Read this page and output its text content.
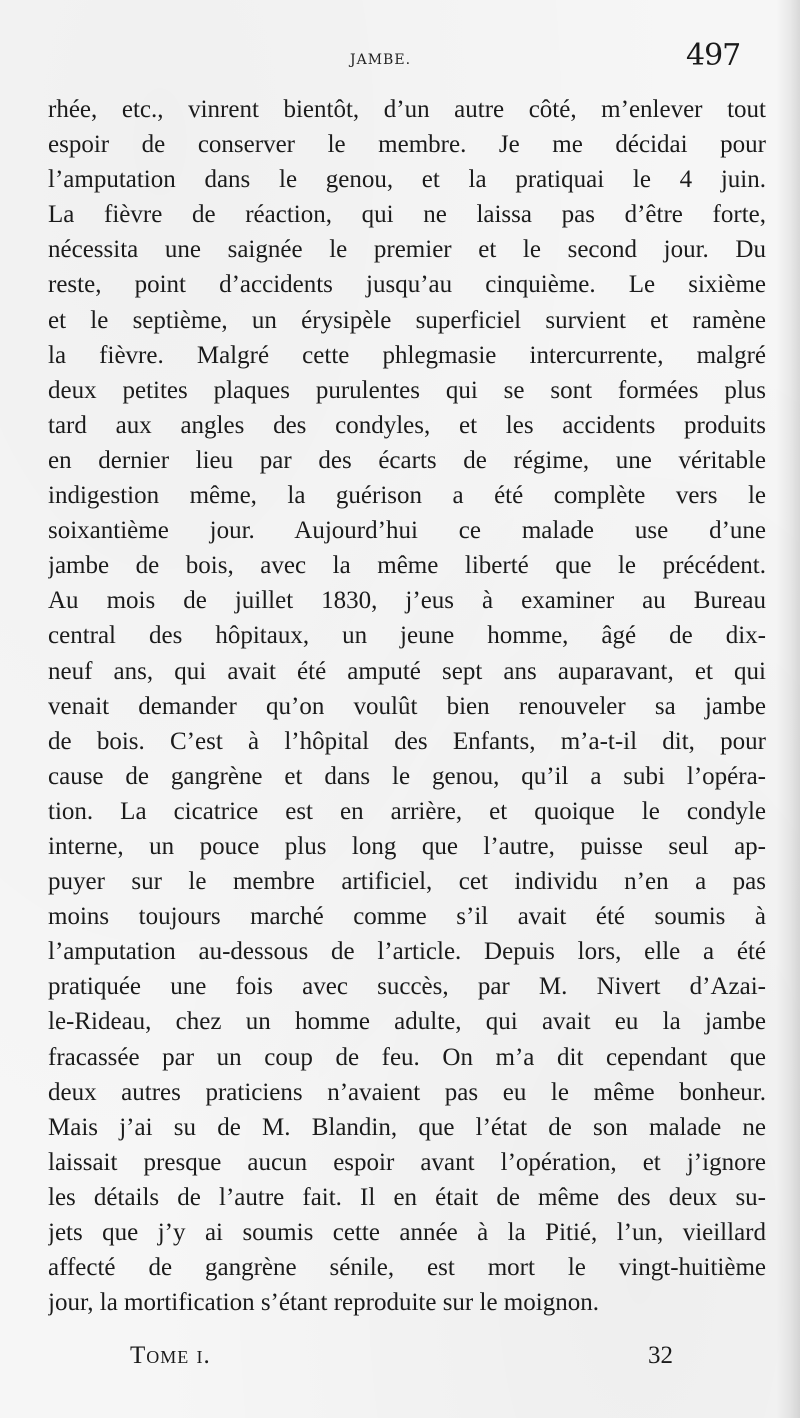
JAMBE.	497
rhée, etc., vinrent bientôt, d’un autre côté, m’enlever tout
espoir de conserver le membre. Je me décidai pour
l’amputation dans le genou, et la pratiquai le 4 juin.
La fièvre de réaction, qui ne laissa pas d’être forte,
nécessita une saignée le premier et le second jour. Du
reste, point d’accidents jusqu’au cinquième. Le sixième
et le septième, un érysipèle superficiel survient et ramène
la fièvre. Malgré cette phlegmasie intercurrente, malgré
deux petites plaques purulentes qui se sont formées plus
tard aux angles des condyles, et les accidents produits
en dernier lieu par des écarts de régime, une véritable
indigestion même, la guérison a été complète vers le
soixantième jour. Aujourd’hui ce malade use d’une
jambe de bois, avec la même liberté que le précédent.
Au mois de juillet 1830, j’eus à examiner au Bureau
central des hôpitaux, un jeune homme, âgé de dix-
neuf ans, qui avait été amputé sept ans auparavant, et qui
venait demander qu’on voulût bien renouveler sa jambe
de bois. C’est à l’hôpital des Enfants, m’a-t-il dit, pour
cause de gangrène et dans le genou, qu’il a subi l’opéra-
tion. La cicatrice est en arrière, et quoique le condyle
interne, un pouce plus long que l’autre, puisse seul ap-
puyer sur le membre artificiel, cet individu n’en a pas
moins toujours marché comme s’il avait été soumis à
l’amputation au-dessous de l’article. Depuis lors, elle a été
pratiquée une fois avec succès, par M. Nivert d’Azai-
le-Rideau, chez un homme adulte, qui avait eu la jambe
fracassée par un coup de feu. On m’a dit cependant que
deux autres praticiens n’avaient pas eu le même bonheur.
Mais j’ai su de M. Blandin, que l’état de son malade ne
laissait presque aucun espoir avant l’opération, et j’ignore
les détails de l’autre fait. Il en était de même des deux su-
jets que j’y ai soumis cette année à la Pitié, l’un, vieillard
affecté de gangrène sénile, est mort le vingt-huitième
jour, la mortification s’étant reproduite sur le moignon.
Tome i.	32
